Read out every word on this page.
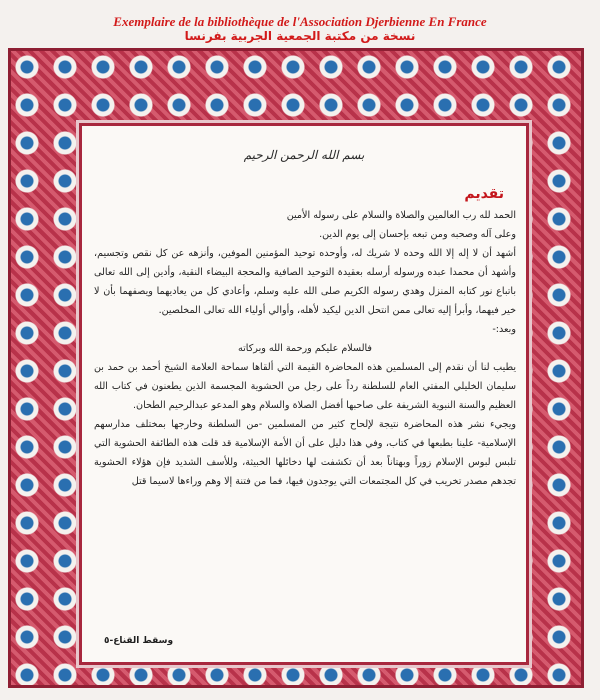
Exemplaire de la bibliothèque de l'Association Djerbienne En France
نسخة من مكتبة الجمعية الجربية بفرنسا
بسم الله الرحمن الرحيم
تقديم

الحمد لله رب العالمين والصلاة والسلام على رسوله الأمين

وعلى آله وصحبه ومن تبعه بإحسان إلى يوم الدين.

أشهد أن لا إله إلا الله وحده لا شريك له، وأوحده توحيد المؤمنين الموفين، وأنزهه عن كل نقص وتجسيم، وأشهد أن محمدا عبده ورسوله أرسله بعقيدة التوحيد الصافية والمحجة البيضاء النقية، وأدين إلى الله تعالى باتباع نور كتابه المنزل وهدي رسوله الكريم صلى الله عليه وسلم، وأعادي كل من يعاديهما ويصفهما بأن لا خير فيهما، وأبرأ إليه تعالى ممن انتحل الدين ليكيد لأهله، وأوالي أولياء الله تعالى المخلصين.

وبعد:-

فالسلام عليكم ورحمة الله وبركاته

يطيب لنا أن نقدم إلى المسلمين هذه المحاضرة القيمة التي ألقاها سماحة العلامة الشيخ أحمد بن حمد بن سليمان الخليلي المفتي العام للسلطنة رداً على رجل من الحشوية المجسمة الذين يطعنون في كتاب الله العظيم والسنة النبوية الشريفة على صاحبها أفضل الصلاة والسلام وهو المدعو عبدالرحيم الطحان.

ويجيء نشر هذه المحاضرة نتيجة لإلحاح كثير من المسلمين -من السلطنة وخارجها بمختلف مدارسهم الإسلامية- علينا بطبعها في كتاب، وفي هذا دليل على أن الأمة الإسلامية قد قلت هذه الطائفة الحشوية التي تلبس لبوس الإسلام زوراً وبهتاناً بعد أن تكشفت لها دخائلها الخبيثة، وللأسف الشديد فإن هؤلاء الحشوية تجدهم مصدر تخريب في كل المجتمعات التي يوجدون فيها، فما من فتنة إلا وهم وراءها لاسيما قتل

وسقط القناع-٥
